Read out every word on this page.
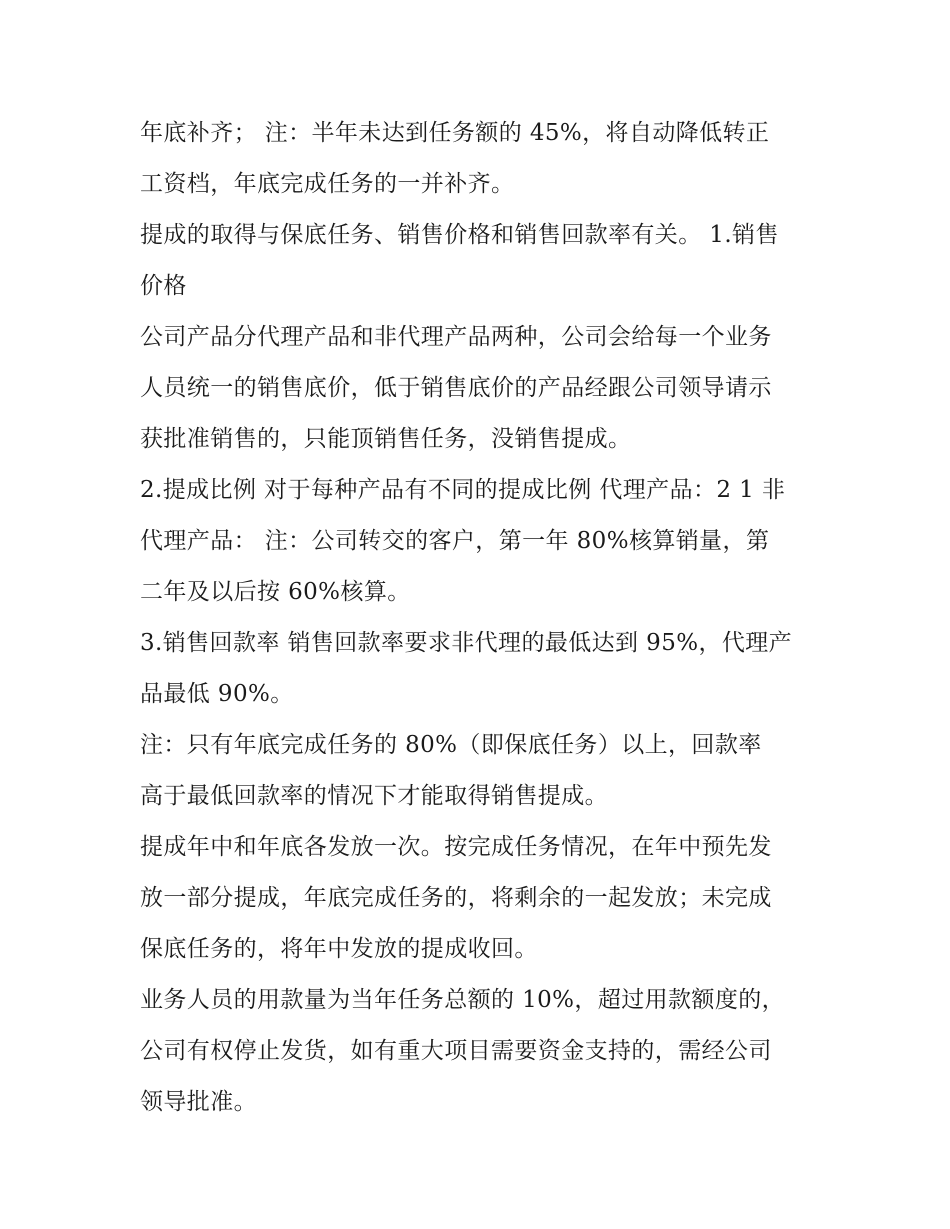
年底补齐； 注：半年未达到任务额的 45%，将自动降低转正
工资档，年底完成任务的一并补齐。
提成的取得与保底任务、销售价格和销售回款率有关。 1.销售
价格
公司产品分代理产品和非代理产品两种，公司会给每一个业务
人员统一的销售底价，低于销售底价的产品经跟公司领导请示
获批准销售的，只能顶销售任务，没销售提成。
2.提成比例 对于每种产品有不同的提成比例 代理产品：2 1 非
代理产品： 注：公司转交的客户，第一年 80%核算销量，第
二年及以后按 60%核算。
3.销售回款率 销售回款率要求非代理的最低达到 95%，代理产
品最低 90%。
注：只有年底完成任务的 80%（即保底任务）以上，回款率
高于最低回款率的情况下才能取得销售提成。
提成年中和年底各发放一次。按完成任务情况，在年中预先发
放一部分提成，年底完成任务的，将剩余的一起发放；未完成
保底任务的，将年中发放的提成收回。
业务人员的用款量为当年任务总额的 10%，超过用款额度的，
公司有权停止发货，如有重大项目需要资金支持的，需经公司
领导批准。
